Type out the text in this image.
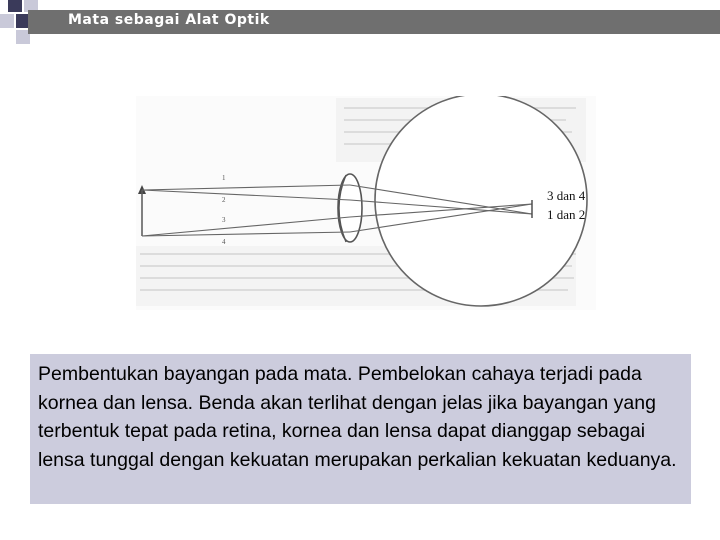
Mata sebagai Alat Optik
1
2
3
4
3 dan 4
1 dan 2
Pembentukan bayangan pada mata. Pembelokan cahaya terjadi pada kornea dan lensa. Benda akan terlihat dengan jelas jika bayangan yang terbentuk tepat pada retina, kornea dan lensa dapat dianggap sebagai lensa tunggal dengan kekuatan merupakan perkalian kekuatan keduanya.
